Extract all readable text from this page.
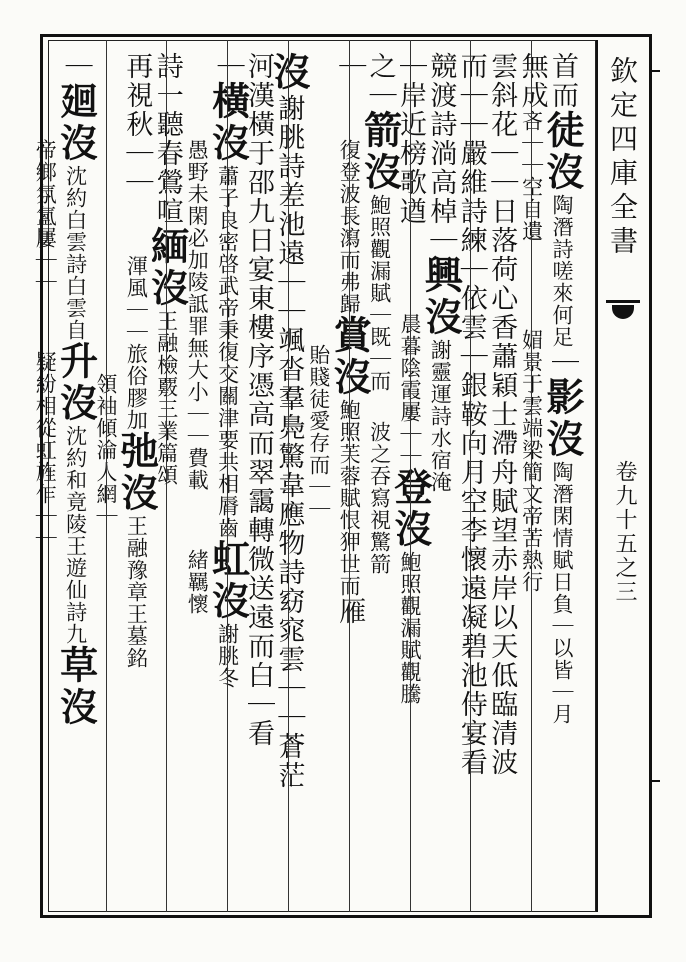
欽定四庫全書
卷九十五之三
首而徒沒陶潛詩嗟來何足｜影沒陶潛閑情賦日負｜以皆｜月
無成吝｜｜空自遺　　　媚景于雲端梁簡文帝苦熱行
雲斜花｜｜日落荷心香蕭穎士滯舟賦望赤岸以天低臨清波
而｜｜嚴維詩練｜依雲｜銀鞍向月空李懷遠凝碧池侍宴看
競渡詩淌高棹｜興沒謝靈運詩水宿淹
｜岸近榜歌遒　　　晨暮陰霞屢｜｜登沒鮑照觀漏賦觀騰
之｜箭沒鮑照觀漏賦｜既｜而　波之吞寫視驚箭
｜　　復登波長瀉而弗歸賞沒鮑照芙蓉賦恨狎世而雁
　　　　　　　　　　　　貽賤徒愛存而｜｜
沒謝朓詩差池遠｜｜颯沓羣鳧驚韋應物詩窈窕雲｜｜蒼茫
河漢橫于邵九日宴東樓序憑高而翠靄轉微送遠而白｜看
｜橫沒蕭子良密啓武帝秉復交關津要共相脣齒虹沒謝朓冬
　　　愚野未閑必加陵詆罪無大小｜｜費載　　緒羈懷
詩一聽春鶯喧緬沒王融檢覈三業篇頌
再視秋｜｜　　渾風｜｜旅俗膠加弛沒王融豫章王墓銘
　　　　　　　　　　　　　領袖傾淪人網｜
｜廻沒沈約白雲詩白雲自升沒沈約和竟陵王遊仙詩九草沒
　　　帝鄉氛氳屢｜｜　　疑紛相從虹旌乍｜｜
